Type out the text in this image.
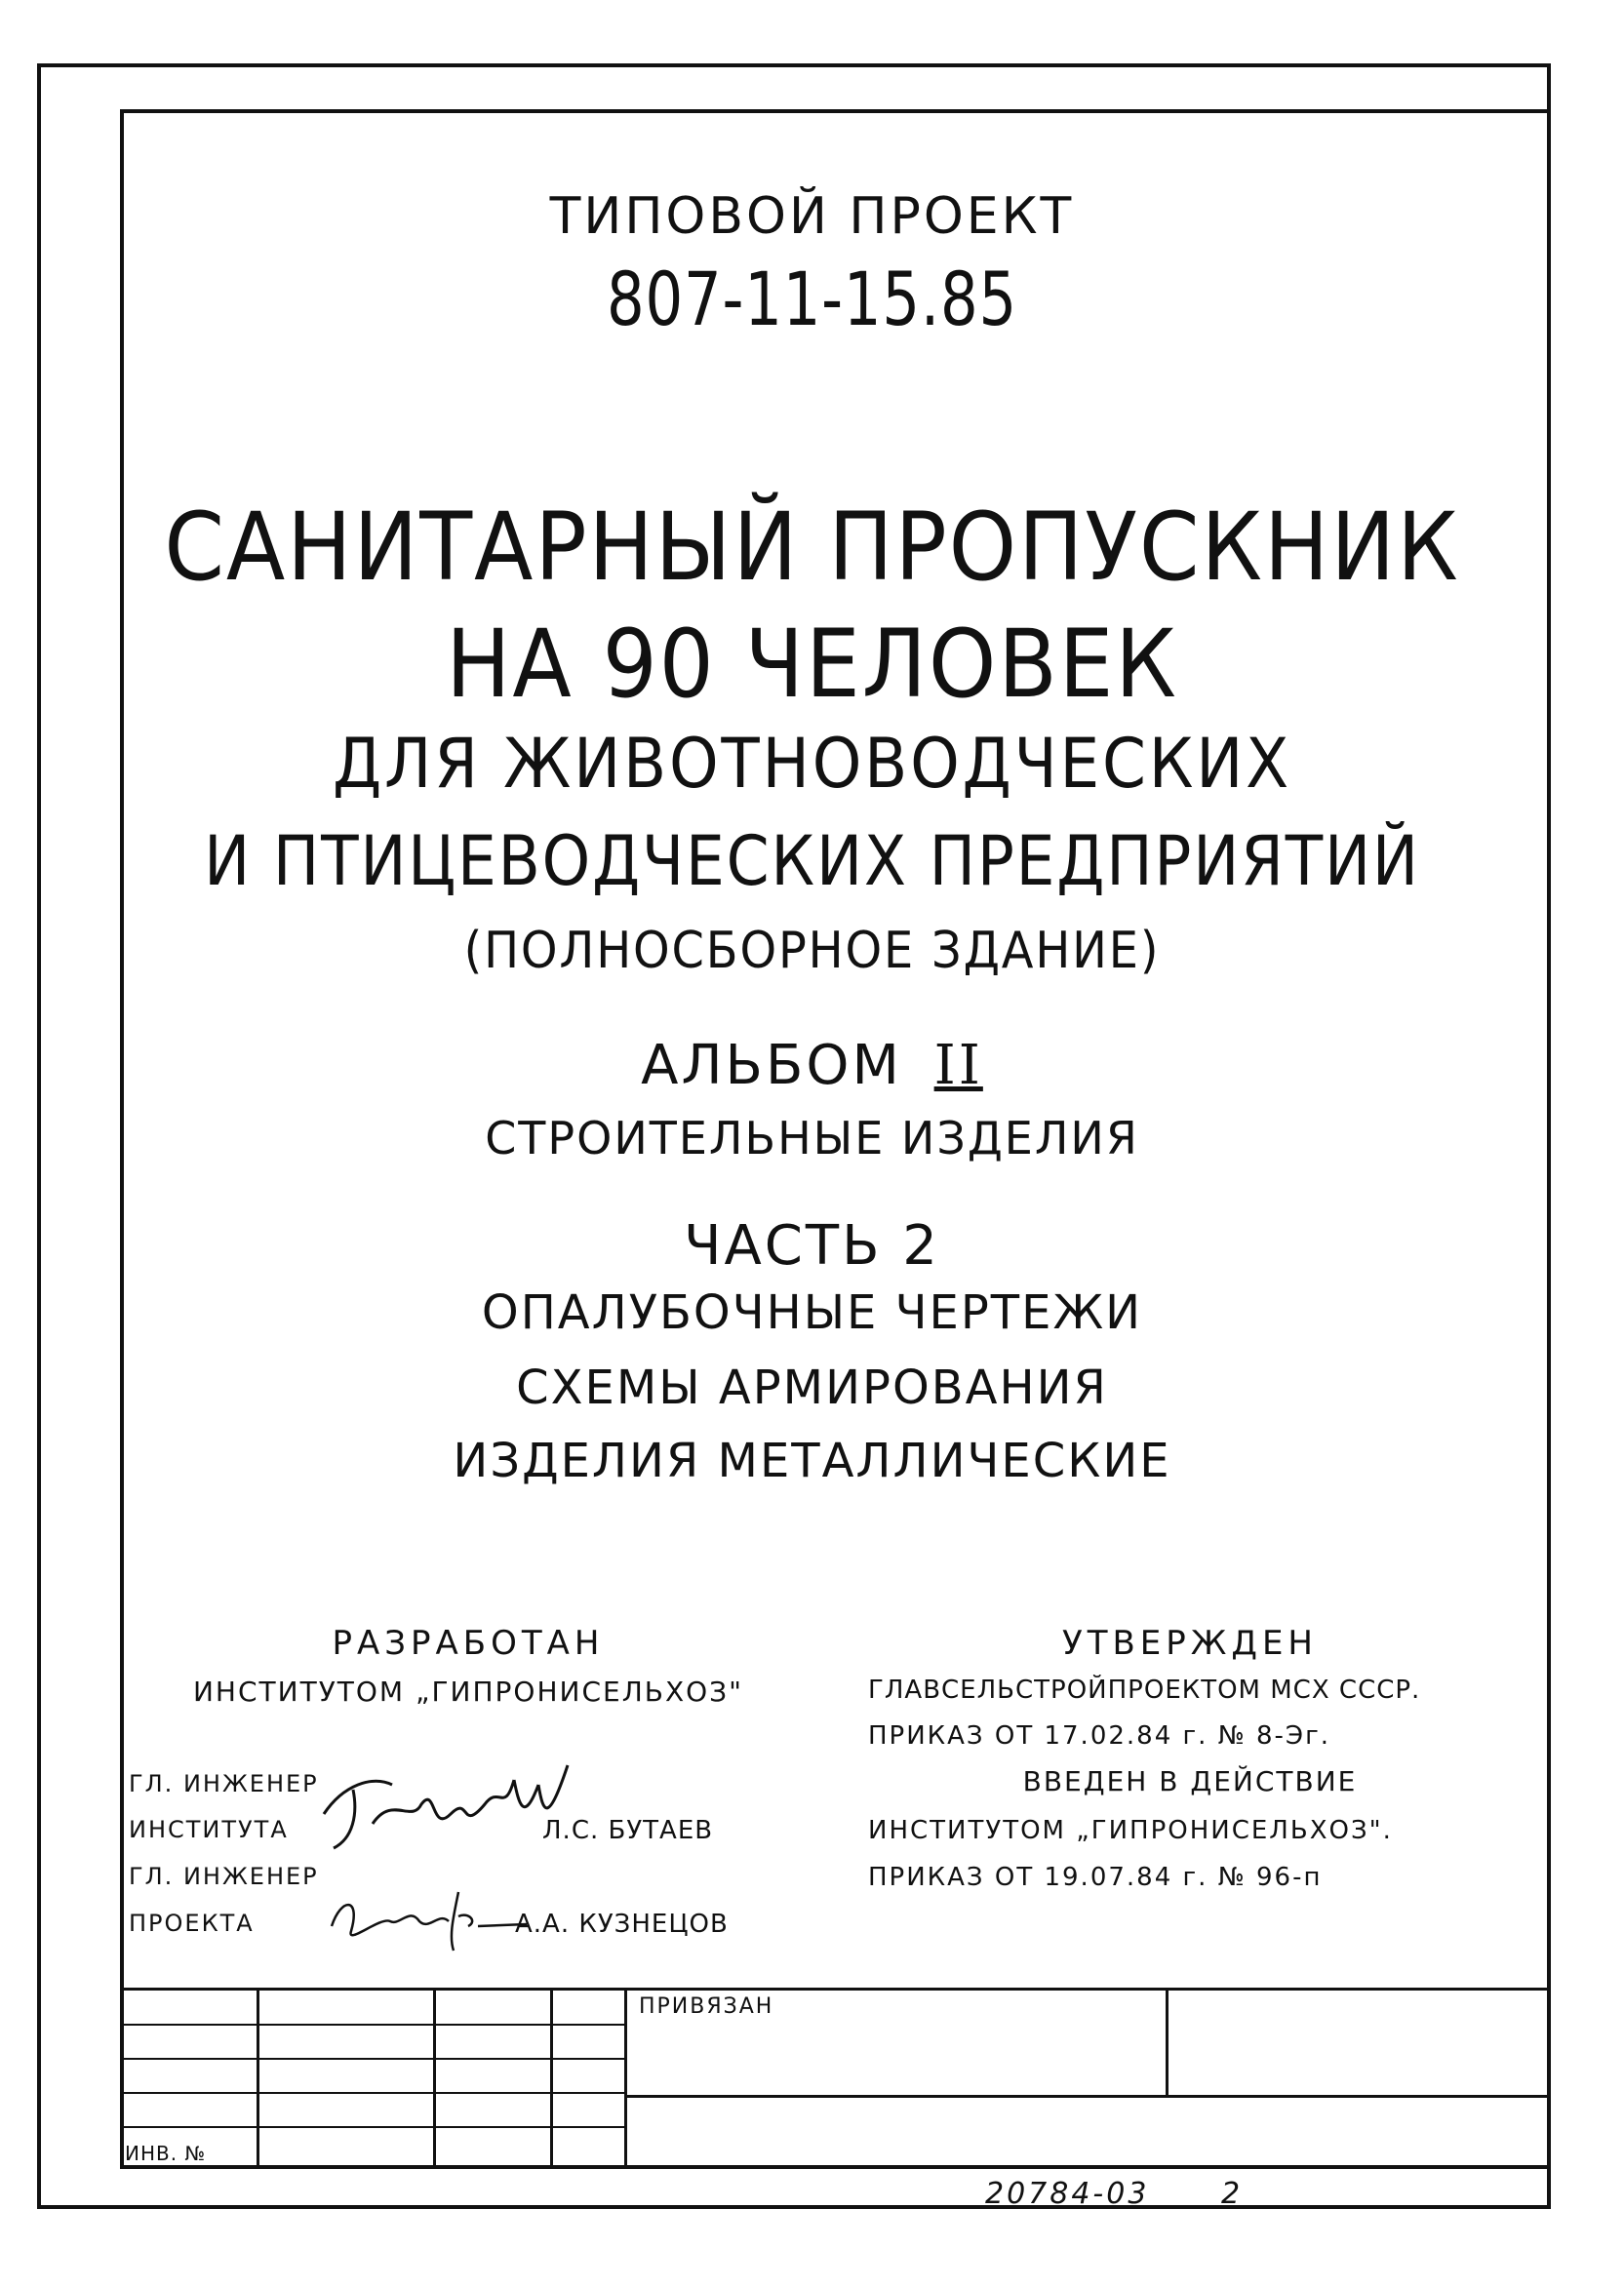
ТИПОВОЙ ПРОЕКТ
807-11-15.85
САНИТАРНЫЙ ПРОПУСКНИК
НА 90 ЧЕЛОВЕК
ДЛЯ ЖИВОТНОВОДЧЕСКИХ
И ПТИЦЕВОДЧЕСКИХ ПРЕДПРИЯТИЙ
(ПОЛНОСБОРНОЕ ЗДАНИЕ)
АЛЬБОМ II
СТРОИТЕЛЬНЫЕ ИЗДЕЛИЯ
ЧАСТЬ 2
ОПАЛУБОЧНЫЕ ЧЕРТЕЖИ
СХЕМЫ АРМИРОВАНИЯ
ИЗДЕЛИЯ МЕТАЛЛИЧЕСКИЕ
РАЗРАБОТАН
ИНСТИТУТОМ „ГИПРОНИСЕЛЬХОЗ"
ГЛ. ИНЖЕНЕР
ИНСТИТУТА	Л.С. БУТАЕВ
ГЛ. ИНЖЕНЕР
ПРОЕКТА	А.А. КУЗНЕЦОВ
УТВЕРЖДЕН
ГЛАВСЕЛЬСТРОЙПРОЕКТОМ МСХ СССР.
ПРИКАЗ ОТ 17.02.84 г. № 8-Эг.
ВВЕДЕН В ДЕЙСТВИЕ
ИНСТИТУТОМ „ГИПРОНИСЕЛЬХОЗ".
ПРИКАЗ ОТ 19.07.84 г. № 96-п
ПРИВЯЗАН
ИНВ. №
20784-03 2
